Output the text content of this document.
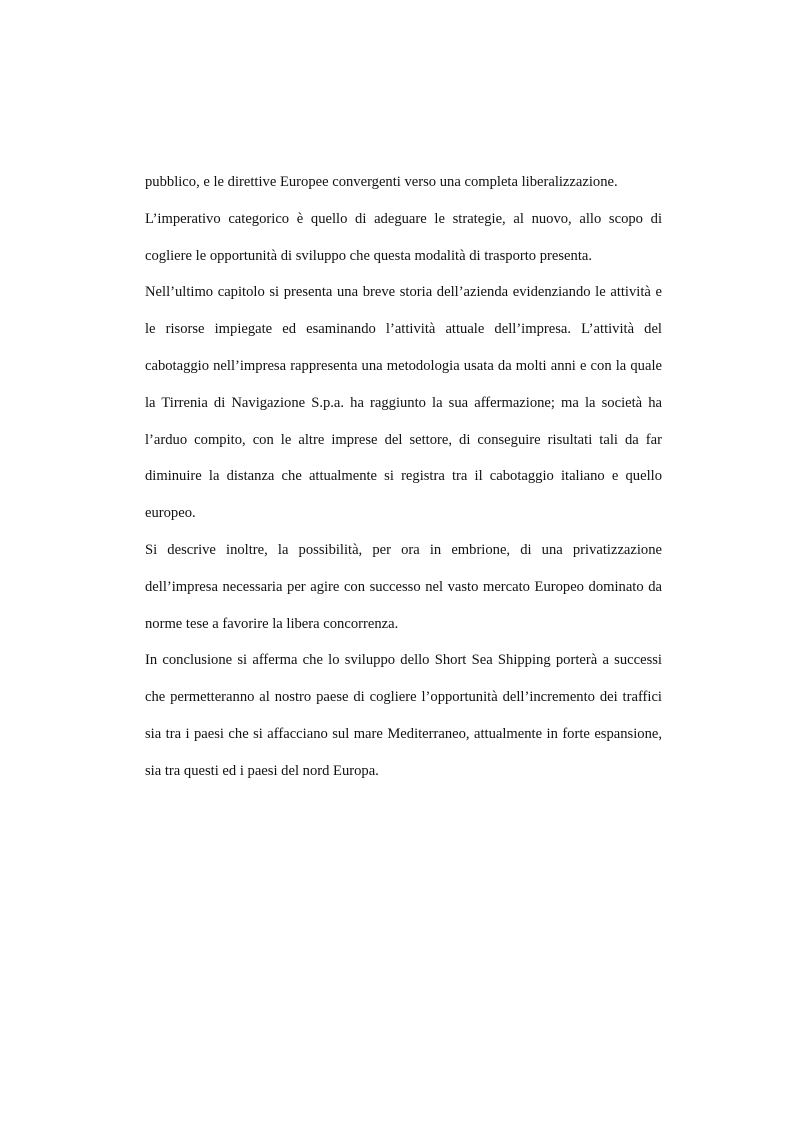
pubblico, e le direttive Europee convergenti verso una completa liberalizzazione.

L’imperativo categorico è quello di adeguare le strategie, al nuovo, allo scopo di cogliere le opportunità di sviluppo che questa modalità di trasporto presenta.

Nell’ultimo capitolo si presenta una breve storia dell’azienda evidenziando le attività e le risorse impiegate ed esaminando l’attività attuale dell’impresa. L’attività del cabotaggio nell’impresa rappresenta una metodologia usata da molti anni e con la quale la Tirrenia di Navigazione S.p.a. ha raggiunto la sua affermazione; ma la società ha l’arduo compito, con le altre imprese del settore, di conseguire risultati tali da far diminuire la distanza che attualmente si registra tra il cabotaggio italiano e quello europeo.

Si descrive inoltre, la possibilità, per ora in embrione, di una privatizzazione dell’impresa necessaria per agire con successo nel vasto mercato Europeo dominato da norme tese a favorire la libera concorrenza.

In conclusione si afferma che lo sviluppo dello Short Sea Shipping porterà a successi che permetteranno al nostro paese di cogliere l’opportunità dell’incremento dei traffici sia tra i paesi che si affacciano sul mare Mediterraneo, attualmente in forte espansione, sia tra questi ed i paesi del nord Europa.
